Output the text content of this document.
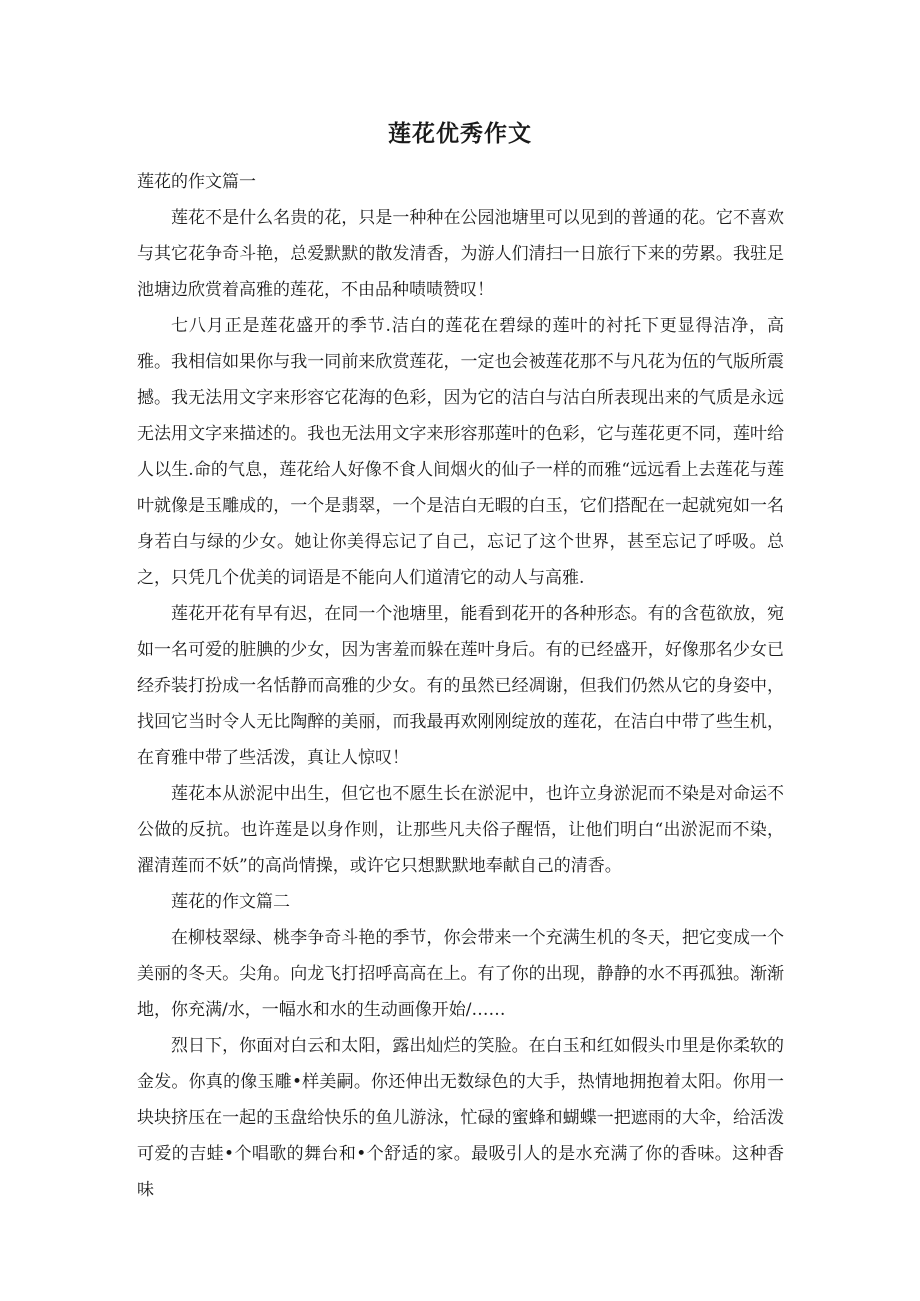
莲花优秀作文

莲花的作文篇一

莲花不是什么名贵的花，只是一种种在公园池塘里可以见到的普通的花。它不喜欢与其它花争奇斗艳，总爱默默的散发清香，为游人们清扫一日旅行下来的劳累。我驻足池塘边欣赏着高雅的莲花，不由品种啧啧赞叹！

七八月正是莲花盛开的季节.洁白的莲花在碧绿的莲叶的衬托下更显得洁净，高雅。我相信如果你与我一同前来欣赏莲花，一定也会被莲花那不与凡花为伍的气版所震撼。我无法用文字来形容它花海的色彩，因为它的洁白与沽白所表现出来的气质是永远无法用文字来描述的。我也无法用文字来形容那莲叶的色彩，它与莲花更不同，莲叶给人以生.命的气息，莲花给人好像不食人间烟火的仙子一样的而雅“远远看上去莲花与莲叶就像是玉雕成的，一个是翡翠，一个是洁白无暇的白玉，它们搭配在一起就宛如一名身若白与绿的少女。她让你美得忘记了自己，忘记了这个世界，甚至忘记了呼吸。总之，只凭几个优美的词语是不能向人们道清它的动人与高雅.

莲花开花有早有迟，在同一个池塘里，能看到花开的各种形态。有的含苞欲放，宛如一名可爱的脏腆的少女，因为害羞而躲在莲叶身后。有的已经盛开，好像那名少女已经乔装打扮成一名恬静而高雅的少女。有的虽然已经凋谢，但我们仍然从它的身姿中，找回它当时令人无比陶醉的美丽，而我最再欢刚刚绽放的莲花，在洁白中带了些生机，在育雅中带了些活泼，真让人惊叹！

莲花本从淤泥中出生，但它也不愿生长在淤泥中，也许立身淤泥而不染是对命运不公做的反抗。也许莲是以身作则，让那些凡夫俗子醒悟，让他们明白“出淤泥而不染，濯清莲而不妖”的高尚情操，或许它只想默默地奉献自己的清香。

莲花的作文篇二

在柳枝翠绿、桃李争奇斗艳的季节，你会带来一个充满生机的冬天，把它变成一个美丽的冬天。尖角。向龙飞打招呼高高在上。有了你的出现，静静的水不再孤独。渐渐地，你充满/水，一幅水和水的生动画像开始/……

烈日下，你面对白云和太阳，露出灿烂的笑脸。在白玉和红如假头巾里是你柔软的金发。你真的像玉雕•样美嗣。你还伸出无数绿色的大手，热情地拥抱着太阳。你用一块块挤压在一起的玉盘给快乐的鱼儿游泳，忙碌的蜜蜂和蝴蝶一把遮雨的大伞，给活泼可爱的吉蛙•个唱歌的舞台和•个舒适的家。最吸引人的是水充满了你的香味。这种香味
